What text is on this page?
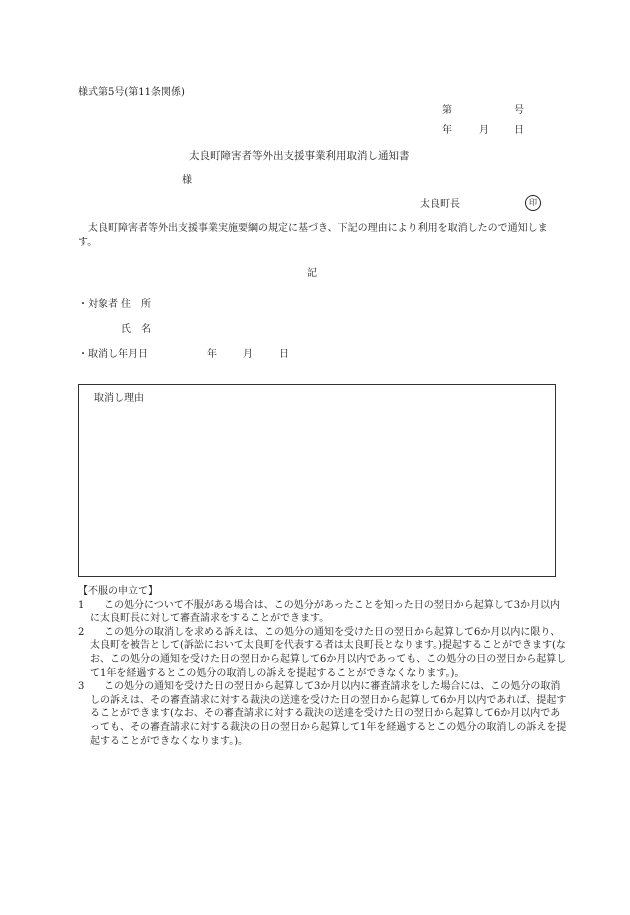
様式第5号(第11条関係)
第	号
年	月	日
太良町障害者等外出支援事業利用取消し通知書
様
太良町長	印
太良町障害者等外出支援事業実施要綱の規定に基づき、下記の理由により利用を取消したので通知します。
記
・対象者 住　所
氏　名
・取消し年月日	年	月	日
取消し理由
【不服の申立て】
1	この処分について不服がある場合は、この処分があったことを知った日の翌日から起算して3か月以内に太良町長に対して審査請求をすることができます。
2	この処分の取消しを求める訴えは、この処分の通知を受けた日の翌日から起算して6か月以内に限り、太良町を被告として(訴訟において太良町を代表する者は太良町長となります。)提起することができます(なお、この処分の通知を受けた日の翌日から起算して6か月以内であっても、この処分の日の翌日から起算して1年を経過するとこの処分の取消しの訴えを提起することができなくなります。)。
3	この処分の通知を受けた日の翌日から起算して3か月以内に審査請求をした場合には、この処分の取消しの訴えは、その審査請求に対する裁決の送達を受けた日の翌日から起算して6か月以内であれば、提起することができます(なお、その審査請求に対する裁決の送達を受けた日の翌日から起算して6か月以内であっても、その審査請求に対する裁決の日の翌日から起算して1年を経過するとこの処分の取消しの訴えを提起することができなくなります。)。
